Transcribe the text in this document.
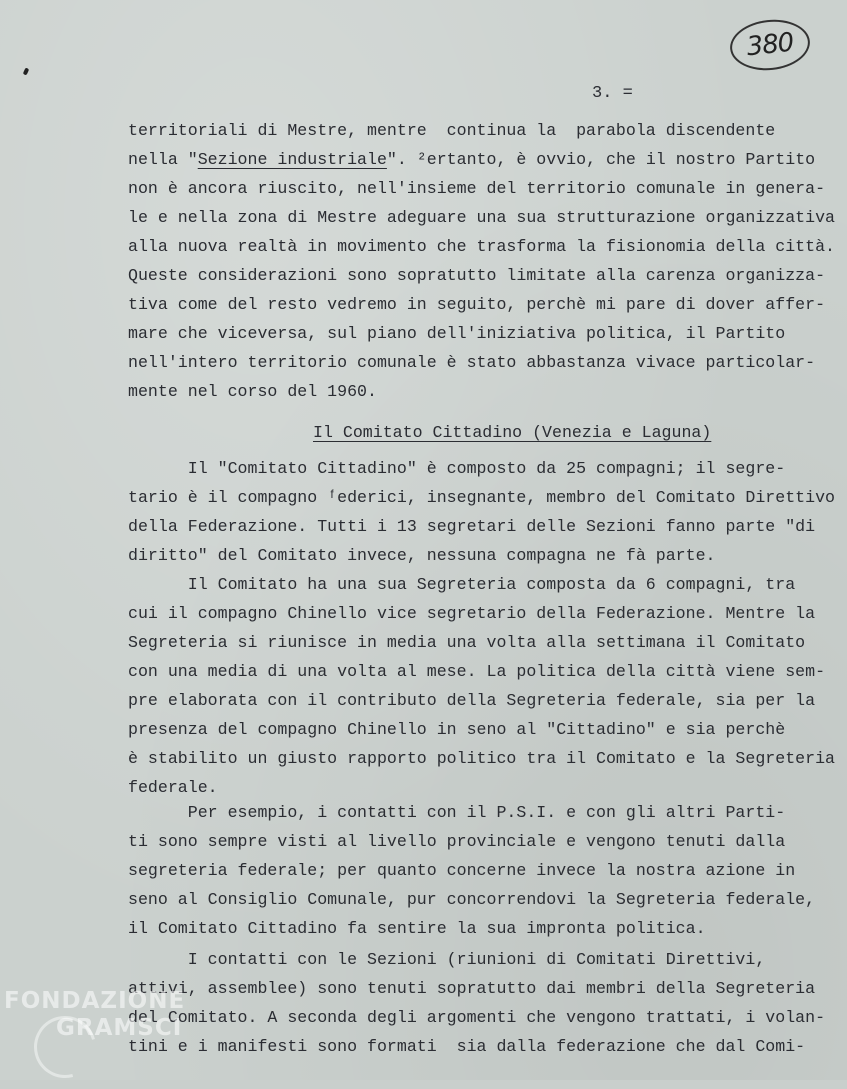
380
3. =
territoriali di Mestre, mentre  continua la  parabola discendente
nella "Sezione industriale". ²ertanto, è ovvio, che il nostro Partito
non è ancora riuscito, nell'insieme del territorio comunale in genera-
le e nella zona di Mestre adeguare una sua strutturazione organizzativa
alla nuova realtà in movimento che trasforma la fisionomia della città.
Queste considerazioni sono sopratutto limitate alla carenza organizza-
tiva come del resto vedremo in seguito, perchè mi pare di dover affer-
mare che viceversa, sul piano dell'iniziativa politica, il Partito
nell'intero territorio comunale è stato abbastanza vivace particolar-
mente nel corso del 1960.
Il Comitato Cittadino (Venezia e Laguna)
Il "Comitato Cittadino" è composto da 25 compagni; il segre-
tario è il compagno ᶠederici, insegnante, membro del Comitato Direttivo
della Federazione. Tutti i 13 segretari delle Sezioni fanno parte "di
diritto" del Comitato invece, nessuna compagna ne fà parte.
Il Comitato ha una sua Segreteria composta da 6 compagni, tra
cui il compagno Chinello vice segretario della Federazione. Mentre la
Segreteria si riunisce in media una volta alla settimana il Comitato
con una media di una volta al mese. La politica della città viene sem-
pre elaborata con il contributo della Segreteria federale, sia per la
presenza del compagno Chinello in seno al "Cittadino" e sia perchè
è stabilito un giusto rapporto politico tra il Comitato e la Segreteria
federale.
Per esempio, i contatti con il P.S.I. e con gli altri Parti-
ti sono sempre visti al livello provinciale e vengono tenuti dalla
segreteria federale; per quanto concerne invece la nostra azione in
seno al Consiglio Comunale, pur concorrendovi la Segreteria federale,
il Comitato Cittadino fa sentire la sua impronta politica.
I contatti con le Sezioni (riunioni di Comitati Direttivi,
attivi, assemblee) sono tenuti sopratutto dai membri della Segreteria
del Comitato. A seconda degli argomenti che vengono trattati, i volan-
tini e i manifesti sono formati  sia dalla federazione che dal Comi-
FONDAZIONE
GRAMSCI
